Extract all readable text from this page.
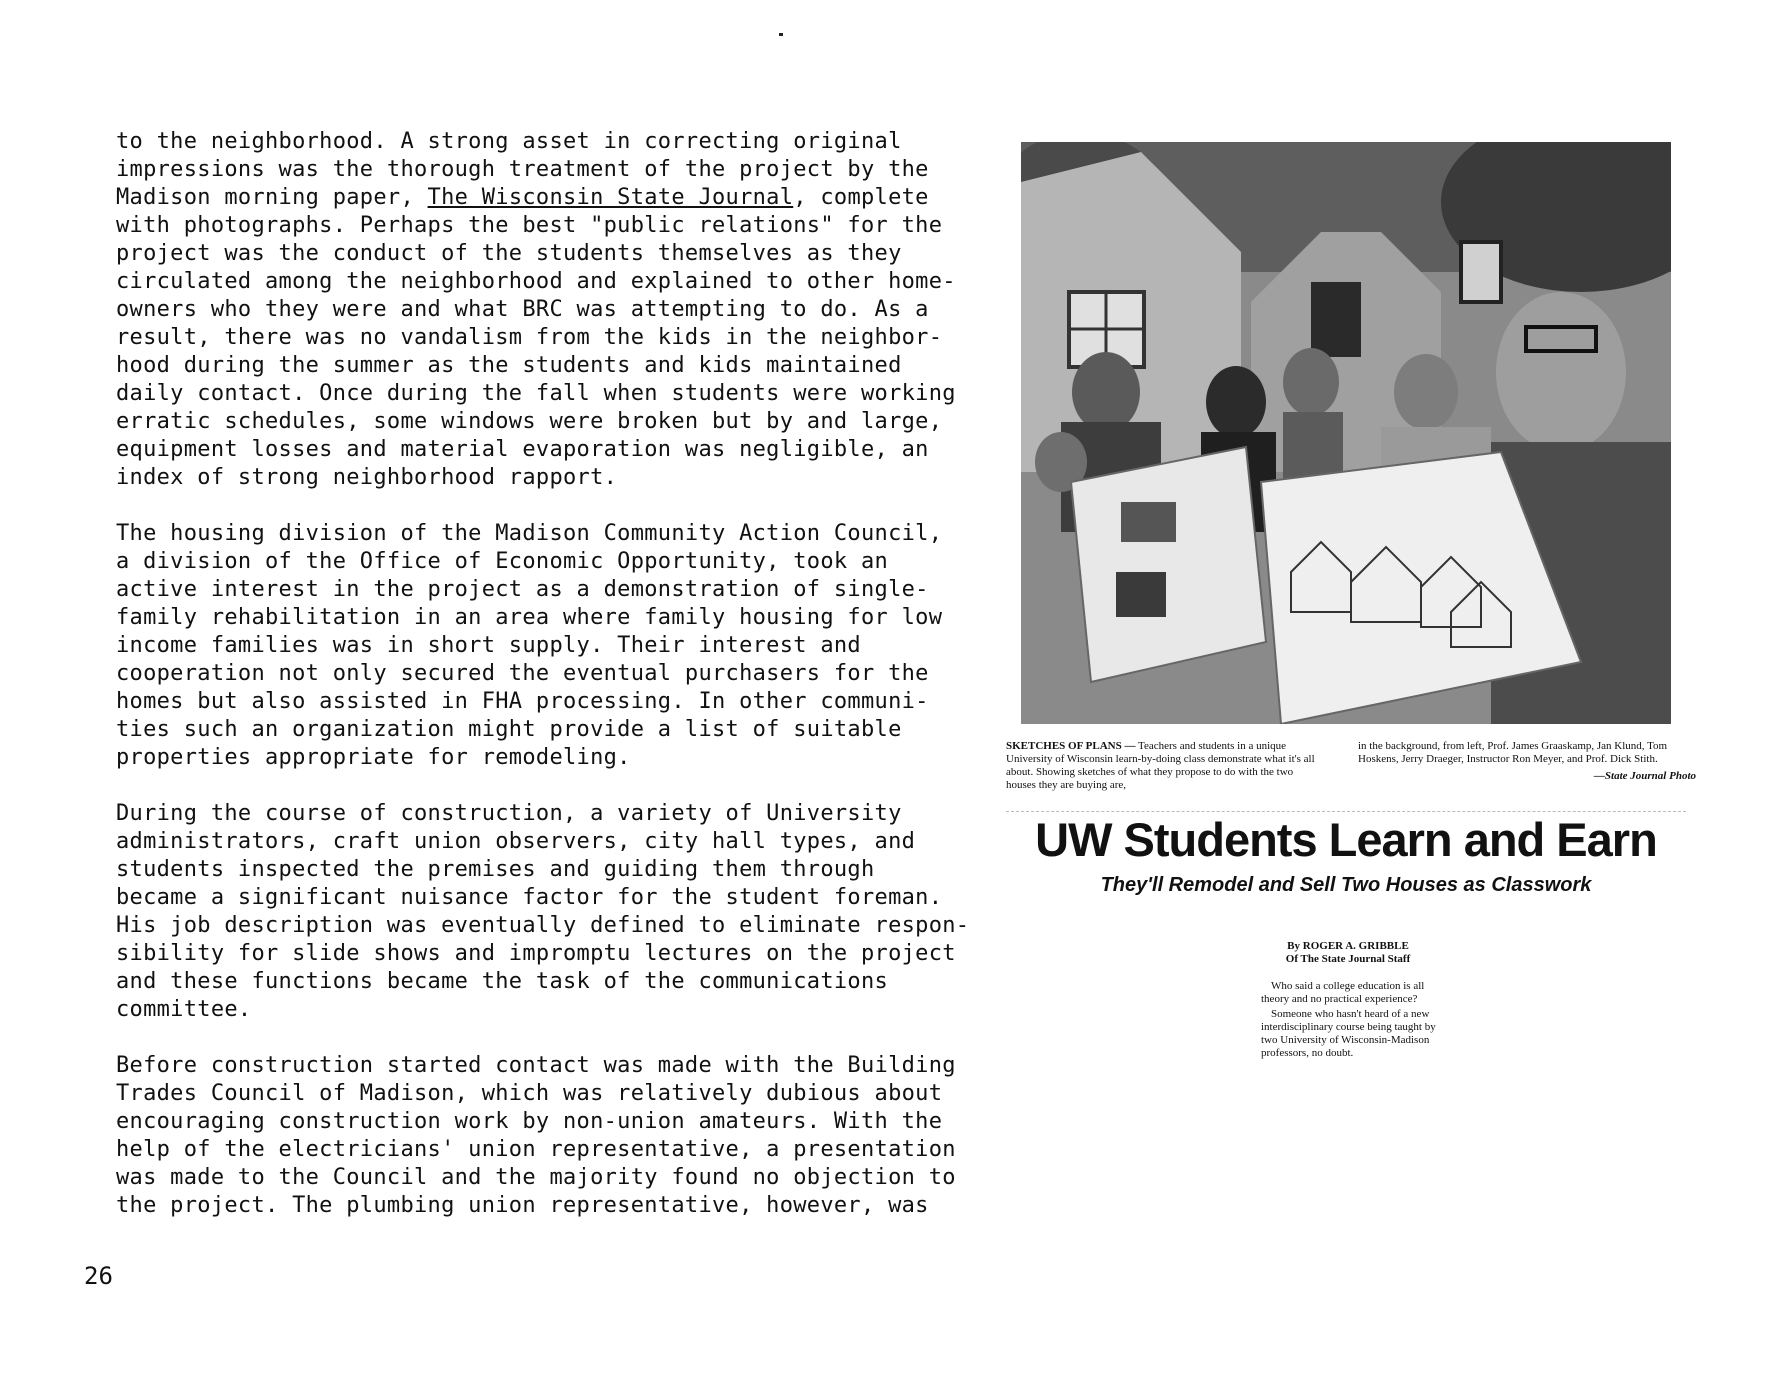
to the neighborhood. A strong asset in correcting original
impressions was the thorough treatment of the project by the
Madison morning paper, The Wisconsin State Journal, complete
with photographs. Perhaps the best "public relations" for the
project was the conduct of the students themselves as they
circulated among the neighborhood and explained to other home-
owners who they were and what BRC was attempting to do. As a
result, there was no vandalism from the kids in the neighbor-
hood during the summer as the students and kids maintained
daily contact. Once during the fall when students were working
erratic schedules, some windows were broken but by and large,
equipment losses and material evaporation was negligible, an
index of strong neighborhood rapport.

The housing division of the Madison Community Action Council,
a division of the Office of Economic Opportunity, took an
active interest in the project as a demonstration of single-
family rehabilitation in an area where family housing for low
income families was in short supply. Their interest and
cooperation not only secured the eventual purchasers for the
homes but also assisted in FHA processing. In other communi-
ties such an organization might provide a list of suitable
properties appropriate for remodeling.

During the course of construction, a variety of University
administrators, craft union observers, city hall types, and
students inspected the premises and guiding them through
became a significant nuisance factor for the student foreman.
His job description was eventually defined to eliminate respon-
sibility for slide shows and impromptu lectures on the project
and these functions became the task of the communications
committee.

Before construction started contact was made with the Building
Trades Council of Madison, which was relatively dubious about
encouraging construction work by non-union amateurs. With the
help of the electricians' union representative, a presentation
was made to the Council and the majority found no objection to
the project. The plumbing union representative, however, was

26
SKETCHES OF PLANS — Teachers and students in a unique University of Wisconsin learn-by-doing class demonstrate what it's all about. Showing sketches of what they propose to do with the two houses they are buying are,
in the background, from left, Prof. James Graaskamp, Jan Klund, Tom Hoskens, Jerry Draeger, Instructor Ron Meyer, and Prof. Dick Stith.
—State Journal Photo
UW Students Learn and Earn
They'll Remodel and Sell Two Houses as Classwork
By ROGER A. GRIBBLE
Of The State Journal Staff

Who said a college education is all theory and no practical experience?

Someone who hasn't heard of a new interdisciplinary course being taught by two University of Wisconsin-Madison professors, no doubt.
